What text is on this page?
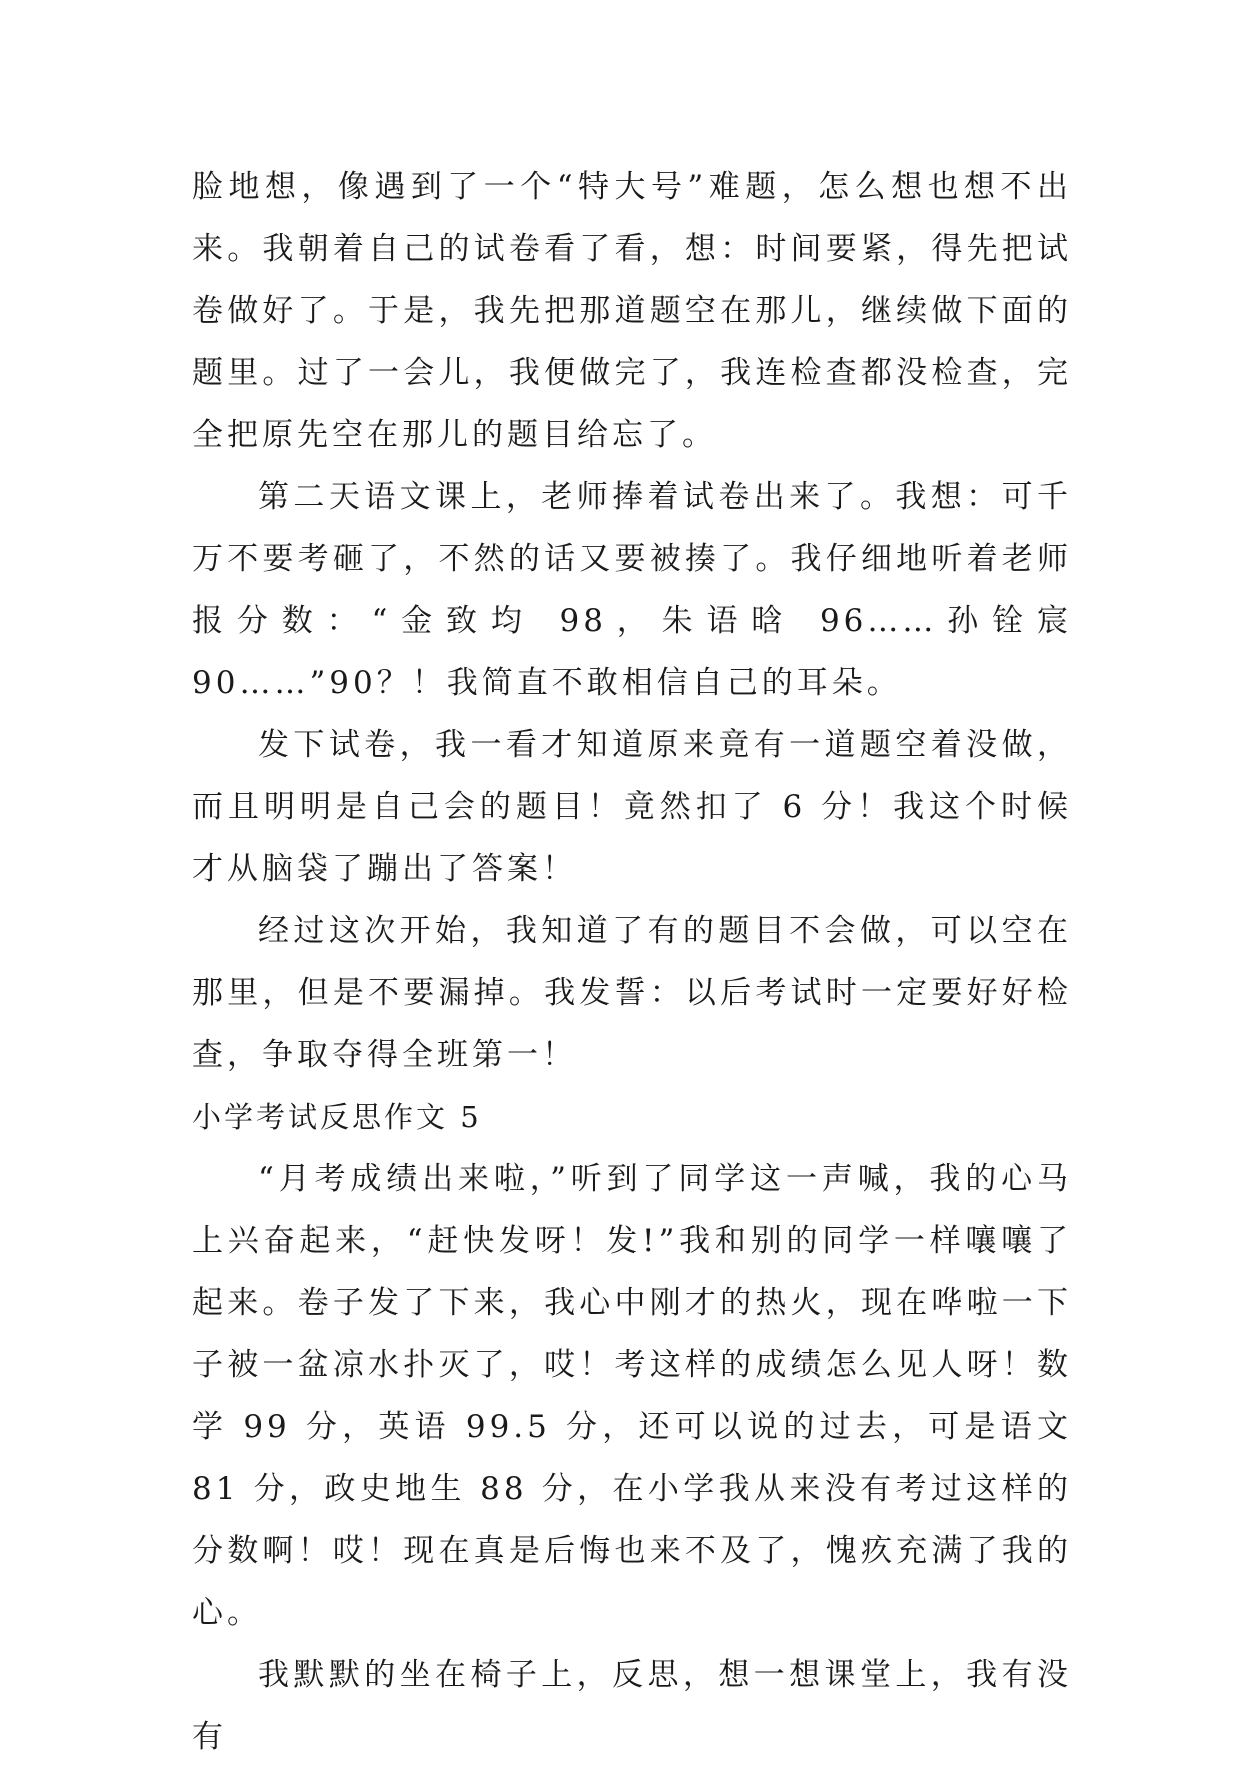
脸地想，像遇到了一个“特大号”难题，怎么想也想不出来。我朝着自己的试卷看了看，想：时间要紧，得先把试卷做好了。于是，我先把那道题空在那儿，继续做下面的题里。过了一会儿，我便做完了，我连检查都没检查，完全把原先空在那儿的题目给忘了。

第二天语文课上，老师捧着试卷出来了。我想：可千万不要考砸了，不然的话又要被揍了。我仔细地听着老师报分数：“金致均 98，朱语晗 96……孙铨宸 90……”90？！我简直不敢相信自己的耳朵。

发下试卷，我一看才知道原来竟有一道题空着没做，而且明明是自己会的题目！竟然扣了 6 分！我这个时候才从脑袋了蹦出了答案！

经过这次开始，我知道了有的题目不会做，可以空在那里，但是不要漏掉。我发誓：以后考试时一定要好好检查，争取夺得全班第一！

小学考试反思作文 5

“月考成绩出来啦，”听到了同学这一声喊，我的心马上兴奋起来，“赶快发呀！发!”我和别的同学一样嚷嚷了起来。卷子发了下来，我心中刚才的热火，现在哗啦一下子被一盆凉水扑灭了，哎！考这样的成绩怎么见人呀！数学 99 分，英语 99.5 分，还可以说的过去，可是语文 81 分，政史地生 88 分，在小学我从来没有考过这样的分数啊！哎！现在真是后悔也来不及了，愧疚充满了我的心。

我默默的坐在椅子上，反思，想一想课堂上，我有没有
